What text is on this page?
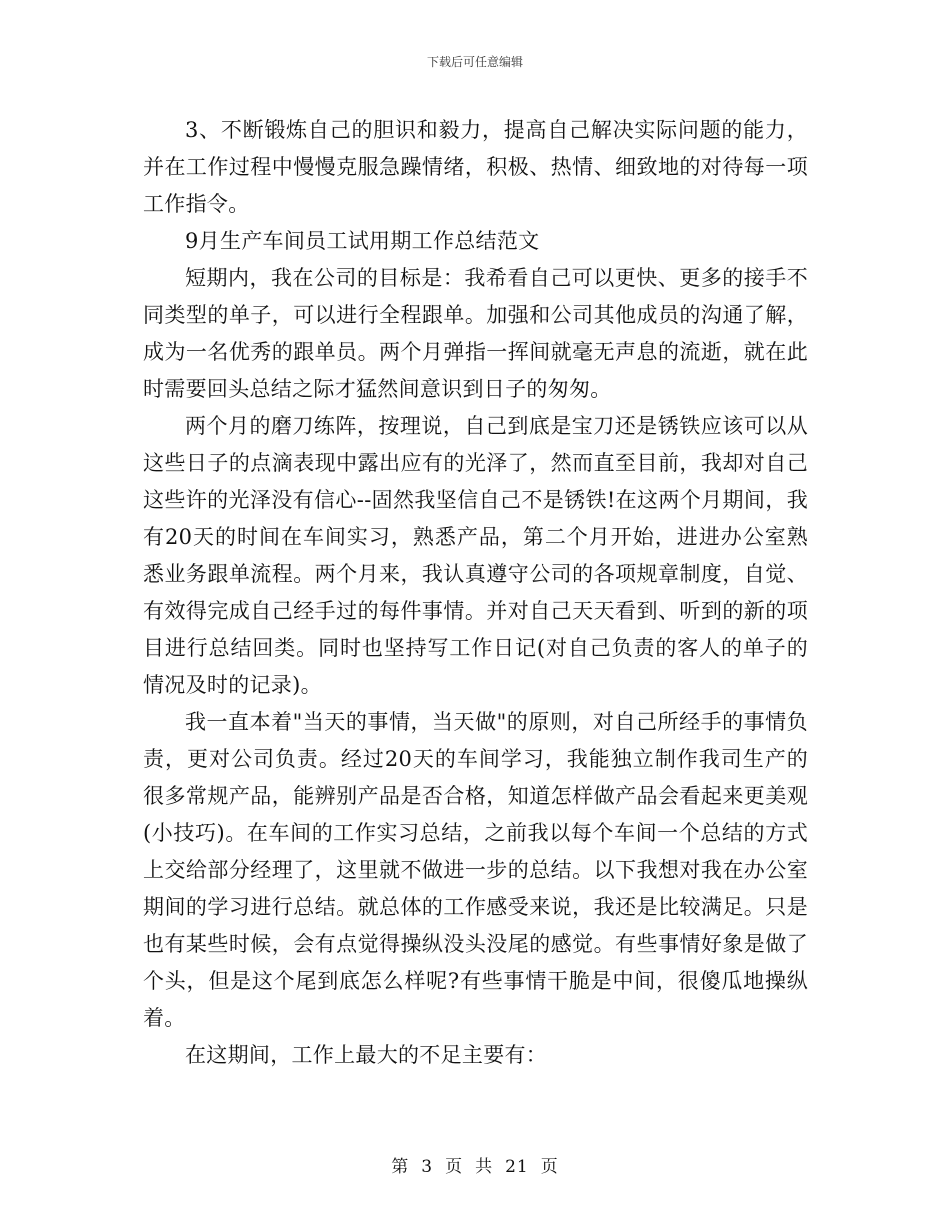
下载后可任意编辑

3、不断锻炼自己的胆识和毅力，提高自己解决实际问题的能力，并在工作过程中慢慢克服急躁情绪，积极、热情、细致地的对待每一项工作指令。

9月生产车间员工试用期工作总结范文

短期内，我在公司的目标是：我希看自己可以更快、更多的接手不同类型的单子，可以进行全程跟单。加强和公司其他成员的沟通了解，成为一名优秀的跟单员。两个月弹指一挥间就毫无声息的流逝，就在此时需要回头总结之际才猛然间意识到日子的匆匆。

两个月的磨刀练阵，按理说，自己到底是宝刀还是锈铁应该可以从这些日子的点滴表现中露出应有的光泽了，然而直至目前，我却对自己这些许的光泽没有信心--固然我坚信自己不是锈铁!在这两个月期间，我有20天的时间在车间实习，熟悉产品，第二个月开始，进进办公室熟悉业务跟单流程。两个月来，我认真遵守公司的各项规章制度，自觉、有效得完成自己经手过的每件事情。并对自己天天看到、听到的新的项目进行总结回类。同时也坚持写工作日记(对自己负责的客人的单子的情况及时的记录)。

我一直本着"当天的事情，当天做"的原则，对自己所经手的事情负责，更对公司负责。经过20天的车间学习，我能独立制作我司生产的很多常规产品，能辨别产品是否合格，知道怎样做产品会看起来更美观(小技巧)。在车间的工作实习总结，之前我以每个车间一个总结的方式上交给部分经理了，这里就不做进一步的总结。以下我想对我在办公室期间的学习进行总结。就总体的工作感受来说，我还是比较满足。只是也有某些时候，会有点觉得操纵没头没尾的感觉。有些事情好象是做了个头，但是这个尾到底怎么样呢?有些事情干脆是中间，很傻瓜地操纵着。

在这期间，工作上最大的不足主要有：

第 3 页 共 21 页
